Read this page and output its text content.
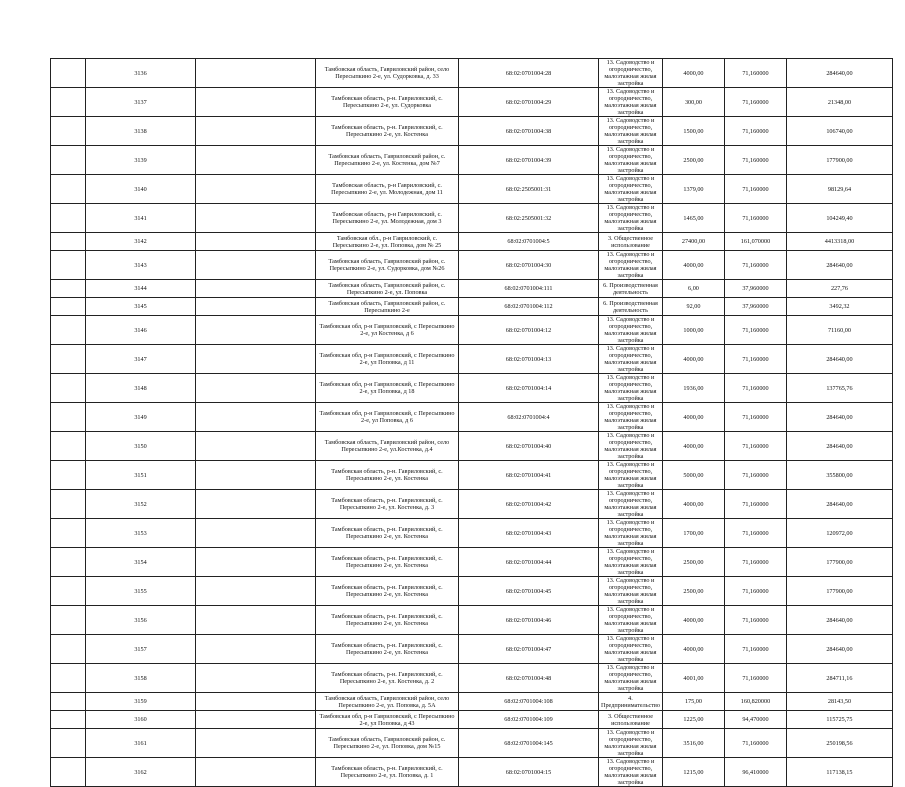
	3136		Тамбовская область, Гавриловский район, село Пересыпкино 2-е, ул. Судорковка, д. 33	68:02:0701004:28	13. Садоводство и огородничество, малоэтажная жилая застройка	4000,00	71,160000	284640,00
	3137		Тамбовская область, р-н. Гавриловский, с. Пересыпкино 2-е, ул. Судорковка	68:02:0701004:29	13. Садоводство и огородничество, малоэтажная жилая застройка	300,00	71,160000	21348,00
	3138		Тамбовская область, р-н. Гавриловский, с. Пересыпкино 2-е, ул. Костенка	68:02:0701004:38	13. Садоводство и огородничество, малоэтажная жилая застройка	1500,00	71,160000	106740,00
	3139		Тамбовская область, Гавриловский район, с. Пересыпкино 2-е, ул. Костенка, дом №7	68:02:0701004:39	13. Садоводство и огородничество, малоэтажная жилая застройка	2500,00	71,160000	177900,00
	3140		Тамбовская область, р-н Гавриловский, с. Пересыпкино 2-е, ул. Молодежная, дом 11	68:02:2505001:31	13. Садоводство и огородничество, малоэтажная жилая застройка	1379,00	71,160000	98129,64
	3141		Тамбовская область, р-н Гавриловский, с. Пересыпкино 2-е, ул. Молодежная, дом 3	68:02:2505001:32	13. Садоводство и огородничество, малоэтажная жилая застройка	1465,00	71,160000	104249,40
	3142		Тамбовская обл., р-н Гавриловский, с. Пересыпкино 2-е, ул. Поповка, дом № 25	68:02:0701004:5	3. Общественное использование	27400,00	161,070000	4413318,00
	3143		Тамбовская область, Гавриловский район, с. Пересыпкино 2-е, ул. Судорковка, дом №26	68:02:0701004:30	13. Садоводство и огородничество, малоэтажная жилая застройка	4000,00	71,160000	284640,00
	3144		Тамбовская область, Гавриловский район, с. Пересыпкино 2-е, ул. Поповка	68:02:0701004:111	6. Производственная деятельность	6,00	37,960000	227,76
	3145		Тамбовская область, Гавриловский район, с. Пересыпкино 2-е	68:02:0701004:112	6. Производственная деятельность	92,00	37,960000	3492,32
	3146		Тамбовская обл, р-н Гавриловский, с Пересыпкино 2-е, ул Костенка, д 6	68:02:0701004:12	13. Садоводство и огородничество, малоэтажная жилая застройка	1000,00	71,160000	71160,00
	3147		Тамбовская обл, р-н Гавриловский, с Пересыпкино 2-е, ул Поповка, д 11	68:02:0701004:13	13. Садоводство и огородничество, малоэтажная жилая застройка	4000,00	71,160000	284640,00
	3148		Тамбовская обл, р-н Гавриловский, с Пересыпкино 2-е, ул Поповка, д 18	68:02:0701004:14	13. Садоводство и огородничество, малоэтажная жилая застройка	1936,00	71,160000	137765,76
	3149		Тамбовская обл, р-н Гавриловский, с Пересыпкино 2-е, ул Поповка, д 6	68:02:0701004:4	13. Садоводство и огородничество, малоэтажная жилая застройка	4000,00	71,160000	284640,00
	3150		Тамбовская область, Гавриловский район, село Пересыпкино 2-е, ул.Костенка, д.4	68:02:0701004:40	13. Садоводство и огородничество, малоэтажная жилая застройка	4000,00	71,160000	284640,00
	3151		Тамбовская область, р-н. Гавриловский, с. Пересыпкино 2-е, ул. Костенка	68:02:0701004:41	13. Садоводство и огородничество, малоэтажная жилая застройка	5000,00	71,160000	355800,00
	3152		Тамбовская область, р-н. Гавриловский, с. Пересыпкино 2-е, ул. Костенка, д. 3	68:02:0701004:42	13. Садоводство и огородничество, малоэтажная жилая застройка	4000,00	71,160000	284640,00
	3153		Тамбовская область, р-н. Гавриловский, с. Пересыпкино 2-е, ул. Костенка	68:02:0701004:43	13. Садоводство и огородничество, малоэтажная жилая застройка	1700,00	71,160000	120972,00
	3154		Тамбовская область, р-н. Гавриловский, с. Пересыпкино 2-е, ул. Костенка	68:02:0701004:44	13. Садоводство и огородничество, малоэтажная жилая застройка	2500,00	71,160000	177900,00
	3155		Тамбовская область, р-н. Гавриловский, с. Пересыпкино 2-е, ул. Костенка	68:02:0701004:45	13. Садоводство и огородничество, малоэтажная жилая застройка	2500,00	71,160000	177900,00
	3156		Тамбовская область, р-н. Гавриловский, с. Пересыпкино 2-е, ул. Костенка	68:02:0701004:46	13. Садоводство и огородничество, малоэтажная жилая застройка	4000,00	71,160000	284640,00
	3157		Тамбовская область, р-н. Гавриловский, с. Пересыпкино 2-е, ул. Костенка	68:02:0701004:47	13. Садоводство и огородничество, малоэтажная жилая застройка	4000,00	71,160000	284640,00
	3158		Тамбовская область, р-н. Гавриловский, с. Пересыпкино 2-е, ул. Костенка, д. 2	68:02:0701004:48	13. Садоводство и огородничество, малоэтажная жилая застройка	4001,00	71,160000	284711,16
	3159		Тамбовская область, Гавриловский район, село Пересыпкино 2-е, ул. Поповка, д. 5А	68:02:0701004:108	4. Предпринимательство	175,00	160,820000	28143,50
	3160		Тамбовская обл, р-н Гавриловский, с Пересыпкино 2-е, ул Поповка, д 43	68:02:0701004:109	3. Общественное использование	1225,00	94,470000	115725,75
	3161		Тамбовская область, Гавриловский район, с. Пересыпкино 2-е, ул. Поповка, дом №15	68:02:0701004:145	13. Садоводство и огородничество, малоэтажная жилая застройка	3516,00	71,160000	250198,56
	3162		Тамбовская область, р-н. Гавриловский, с. Пересыпкино 2-е, ул. Поповка, д. 1	68:02:0701004:15	13. Садоводство и огородничество, малоэтажная жилая застройка	1215,00	96,410000	117138,15
